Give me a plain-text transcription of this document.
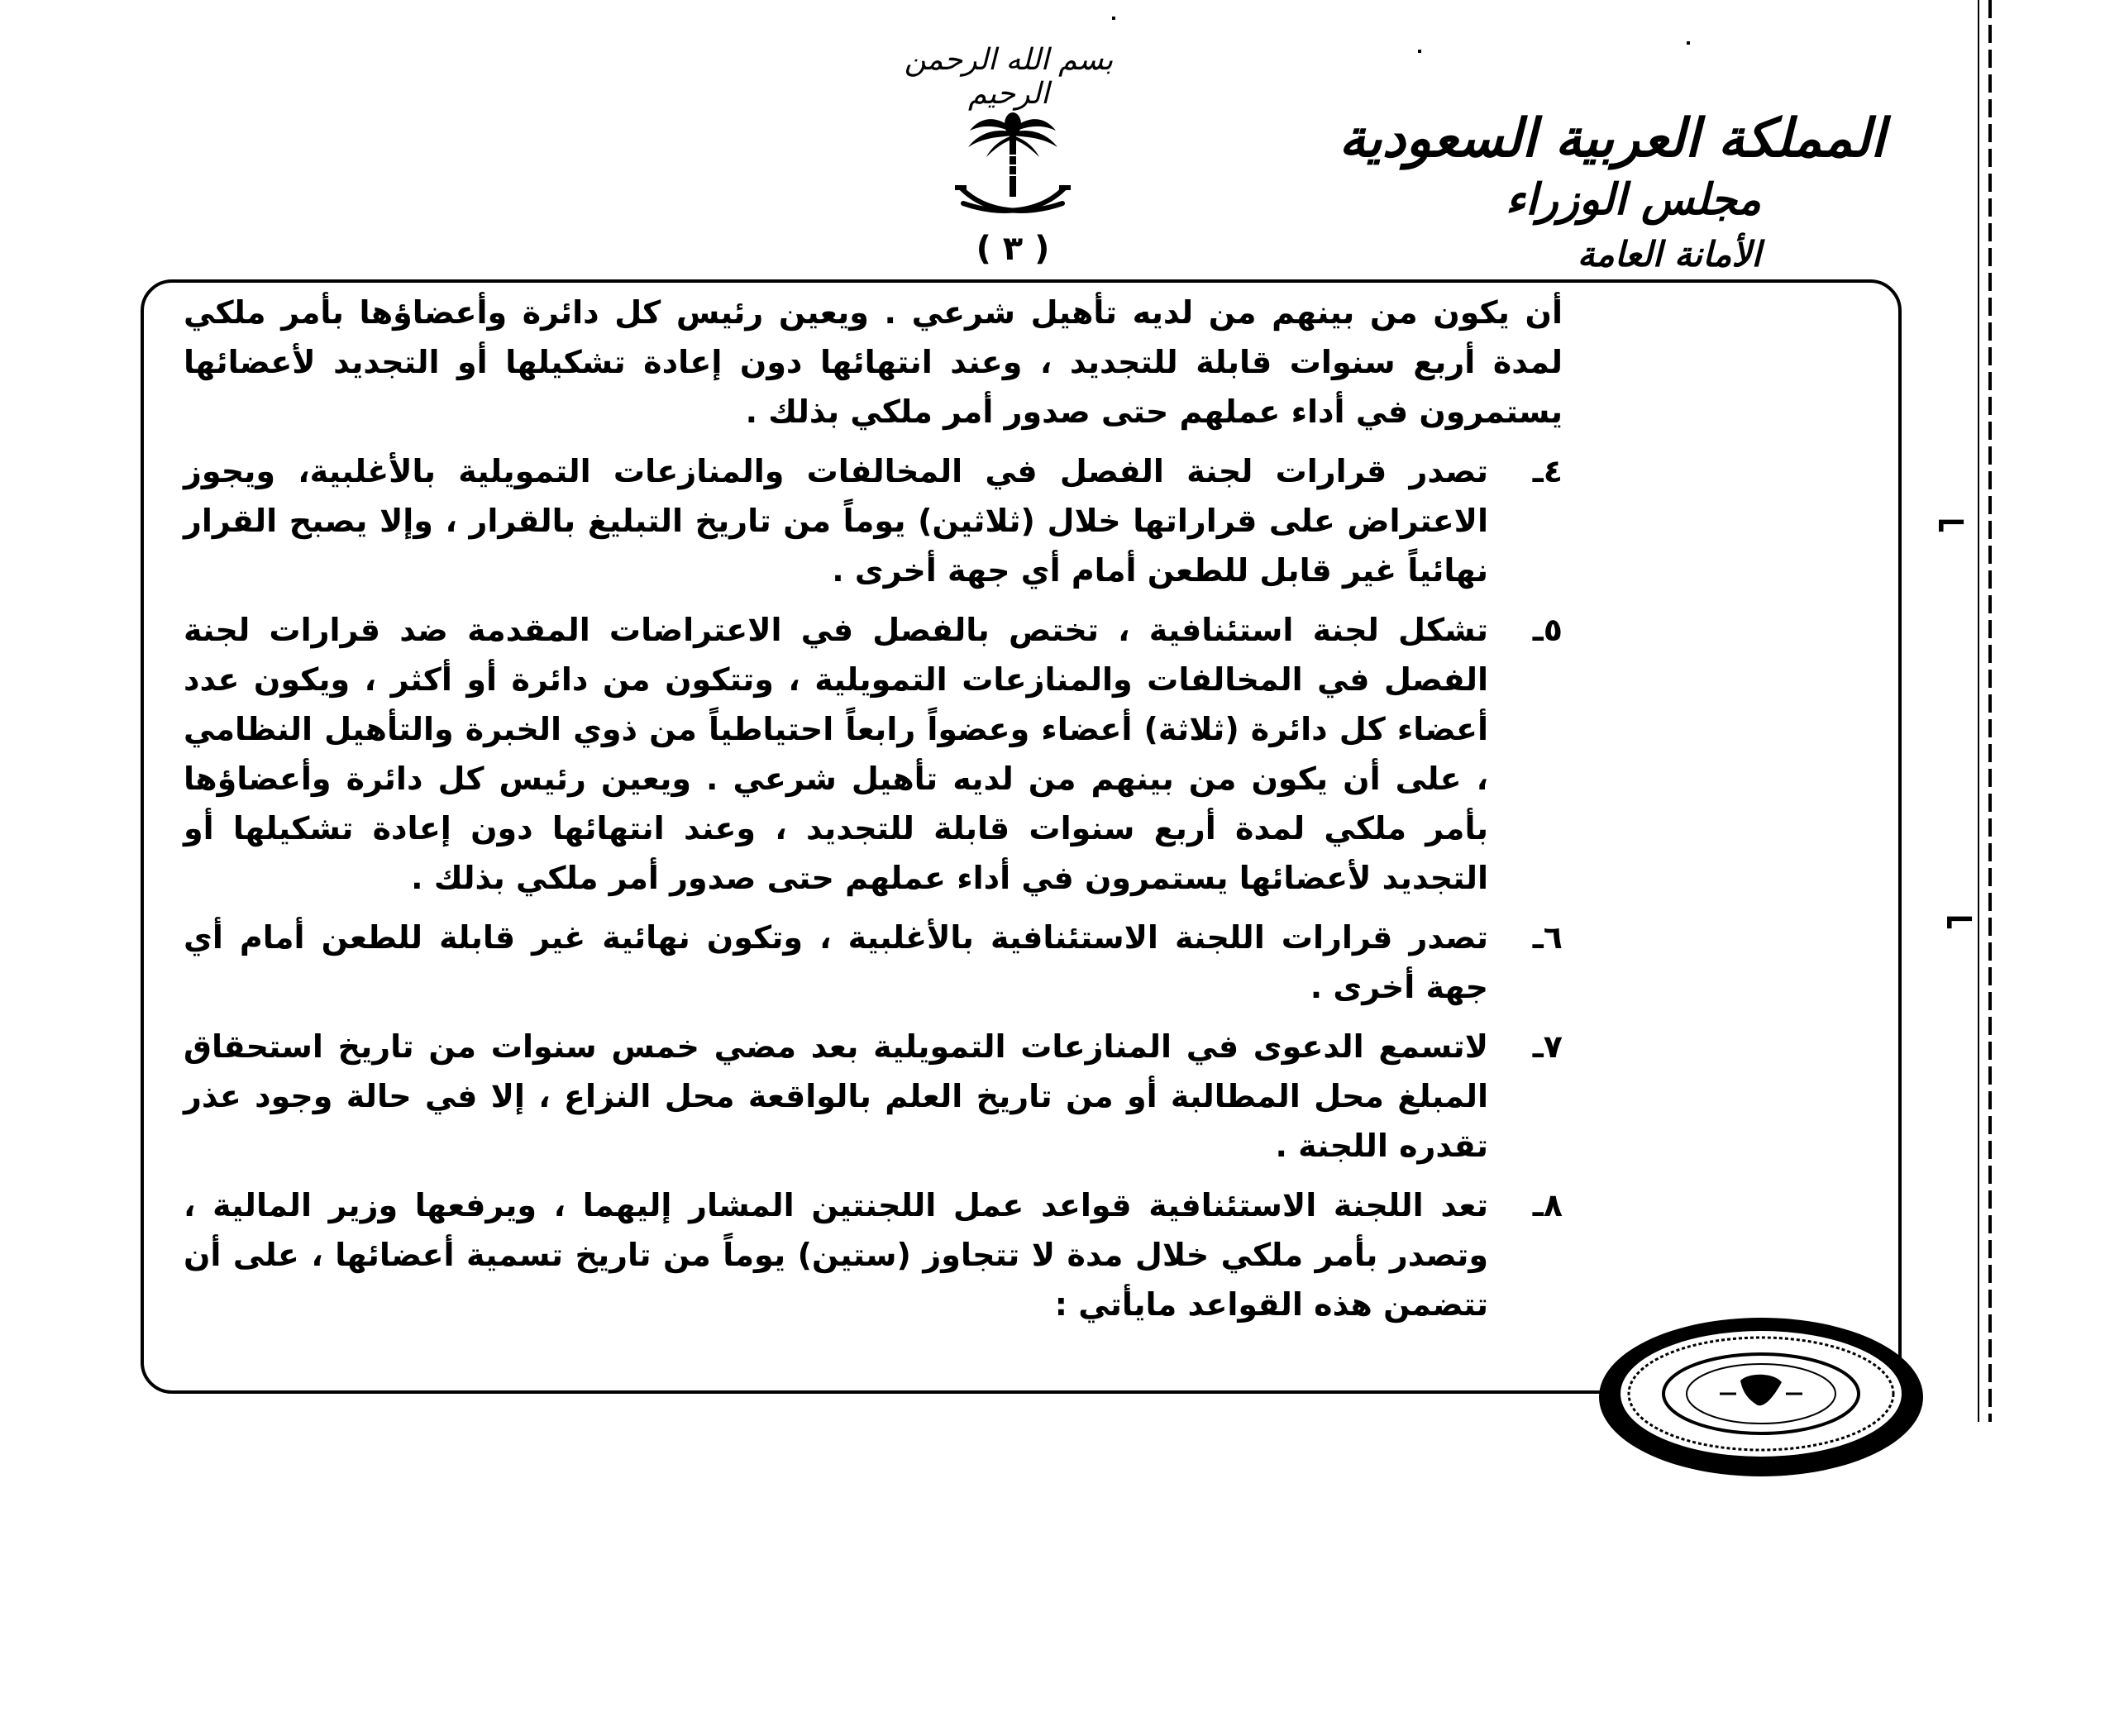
⌐
⌐
بسم الله الرحمن الرحيم

المملكة العربية السعودية

مجلس الوزراء

الأمانة العامة

( ٣ )

أن يكون من بينهم من لديه تأهيل شرعي . ويعين رئيس كل دائرة وأعضاؤها بأمر ملكي لمدة أربع سنوات قابلة للتجديد ، وعند انتهائها دون إعادة تشكيلها أو التجديد لأعضائها يستمرون في أداء عملهم حتى صدور أمر ملكي بذلك .

٤ـ
تصدر قرارات لجنة الفصل في المخالفات والمنازعات التمويلية بالأغلبية، ويجوز الاعتراض على قراراتها خلال (ثلاثين) يوماً من تاريخ التبليغ بالقرار ، وإلا يصبح القرار نهائياً غير قابل للطعن أمام أي جهة أخرى .
٥ـ
تشكل لجنة استئنافية ، تختص بالفصل في الاعتراضات المقدمة ضد قرارات لجنة الفصل في المخالفات والمنازعات التمويلية ، وتتكون من دائرة أو أكثر ، ويكون عدد أعضاء كل دائرة (ثلاثة) أعضاء وعضواً رابعاً احتياطياً من ذوي الخبرة والتأهيل النظامي ، على أن يكون من بينهم من لديه تأهيل شرعي . ويعين رئيس كل دائرة وأعضاؤها بأمر ملكي لمدة أربع سنوات قابلة للتجديد ، وعند انتهائها دون إعادة تشكيلها أو التجديد لأعضائها يستمرون في أداء عملهم حتى صدور أمر ملكي بذلك .
٦ـ
تصدر قرارات اللجنة الاستئنافية بالأغلبية ، وتكون نهائية غير قابلة للطعن أمام أي جهة أخرى .
٧ـ
لاتسمع الدعوى في المنازعات التمويلية بعد مضي خمس سنوات من تاريخ استحقاق المبلغ محل المطالبة أو من تاريخ العلم بالواقعة محل النزاع ، إلا في حالة وجود عذر تقدره اللجنة .
٨ـ
تعد اللجنة الاستئنافية قواعد عمل اللجنتين المشار إليهما ، ويرفعها وزير المالية ، وتصدر بأمر ملكي خلال مدة لا تتجاوز (ستين) يوماً من تاريخ تسمية أعضائها ، على أن تتضمن هذه القواعد مايأتي :
